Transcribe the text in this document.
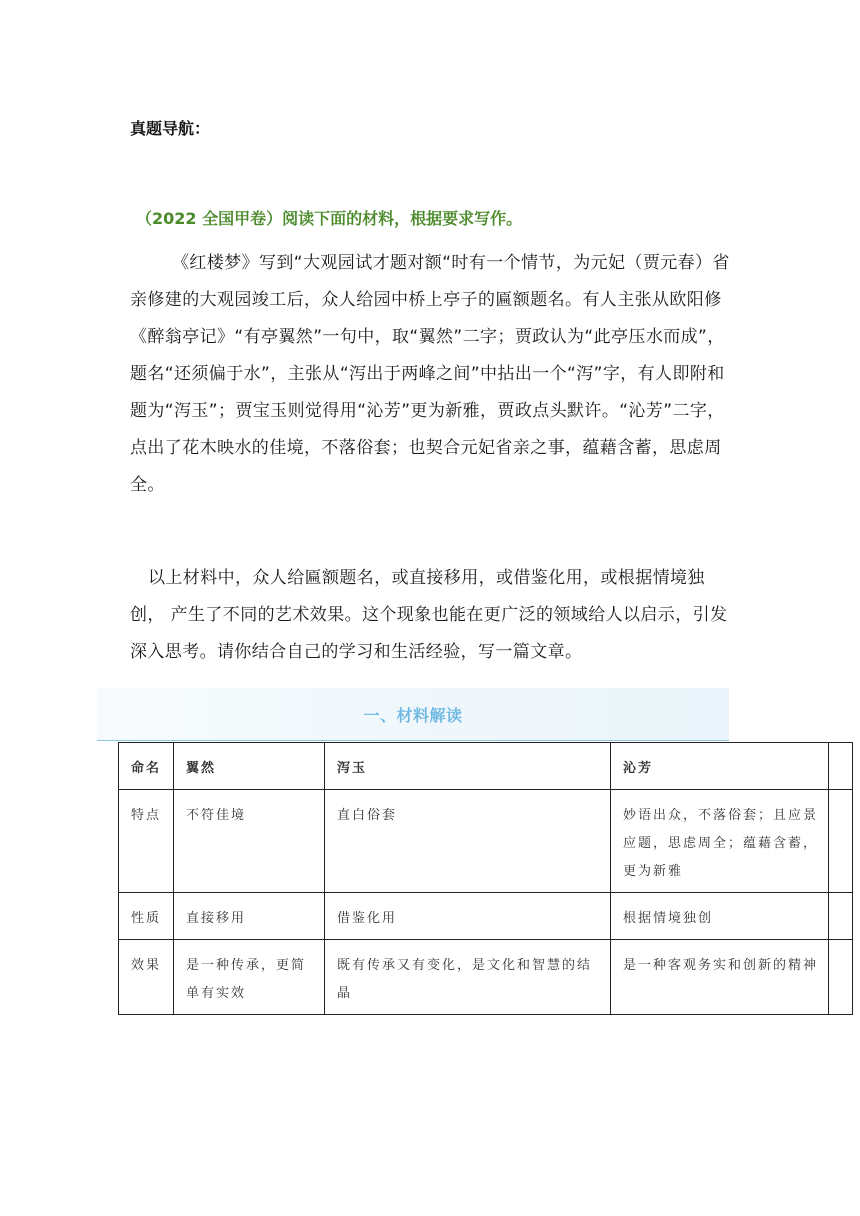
真题导航：
（2022 全国甲卷）阅读下面的材料，根据要求写作。
《红楼梦》写到“大观园试才题对额“时有一个情节，为元妃（贾元春）省　亲修建的大观园竣工后，众人给园中桥上亭子的匾额题名。有人主张从欧阳修《醉翁亭记》“有亭翼然”一句中，取“翼然”二字；贾政认为“此亭压水而成”，题名“还须偏于水”，主张从“泻出于两峰之间”中拈出一个“泻”字，有人即附和题为“泻玉”；贾宝玉则觉得用“沁芳”更为新雅，贾政点头默许。“沁芳”二字，点出了花木映水的佳境，不落俗套；也契合元妃省亲之事，蕴藉含蓄，思虑周全。
以上材料中，众人给匾额题名，或直接移用，或借鉴化用，或根据情境独创， 产生了不同的艺术效果。这个现象也能在更广泛的领域给人以启示，引发深入思考。请你结合自己的学习和生活经验，写一篇文章。
一、材料解读
命名	翼然	泻玉	沁芳	
特点	不符佳境	直白俗套	妙语出众，不落俗套；且应景应题，思虑周全；蕴藉含蓄，更为新雅	
性质	直接移用	借鉴化用	根据情境独创	
效果	是一种传承，更简单有实效	既有传承又有变化，是文化和智慧的结晶	是一种客观务实和创新的精神	
